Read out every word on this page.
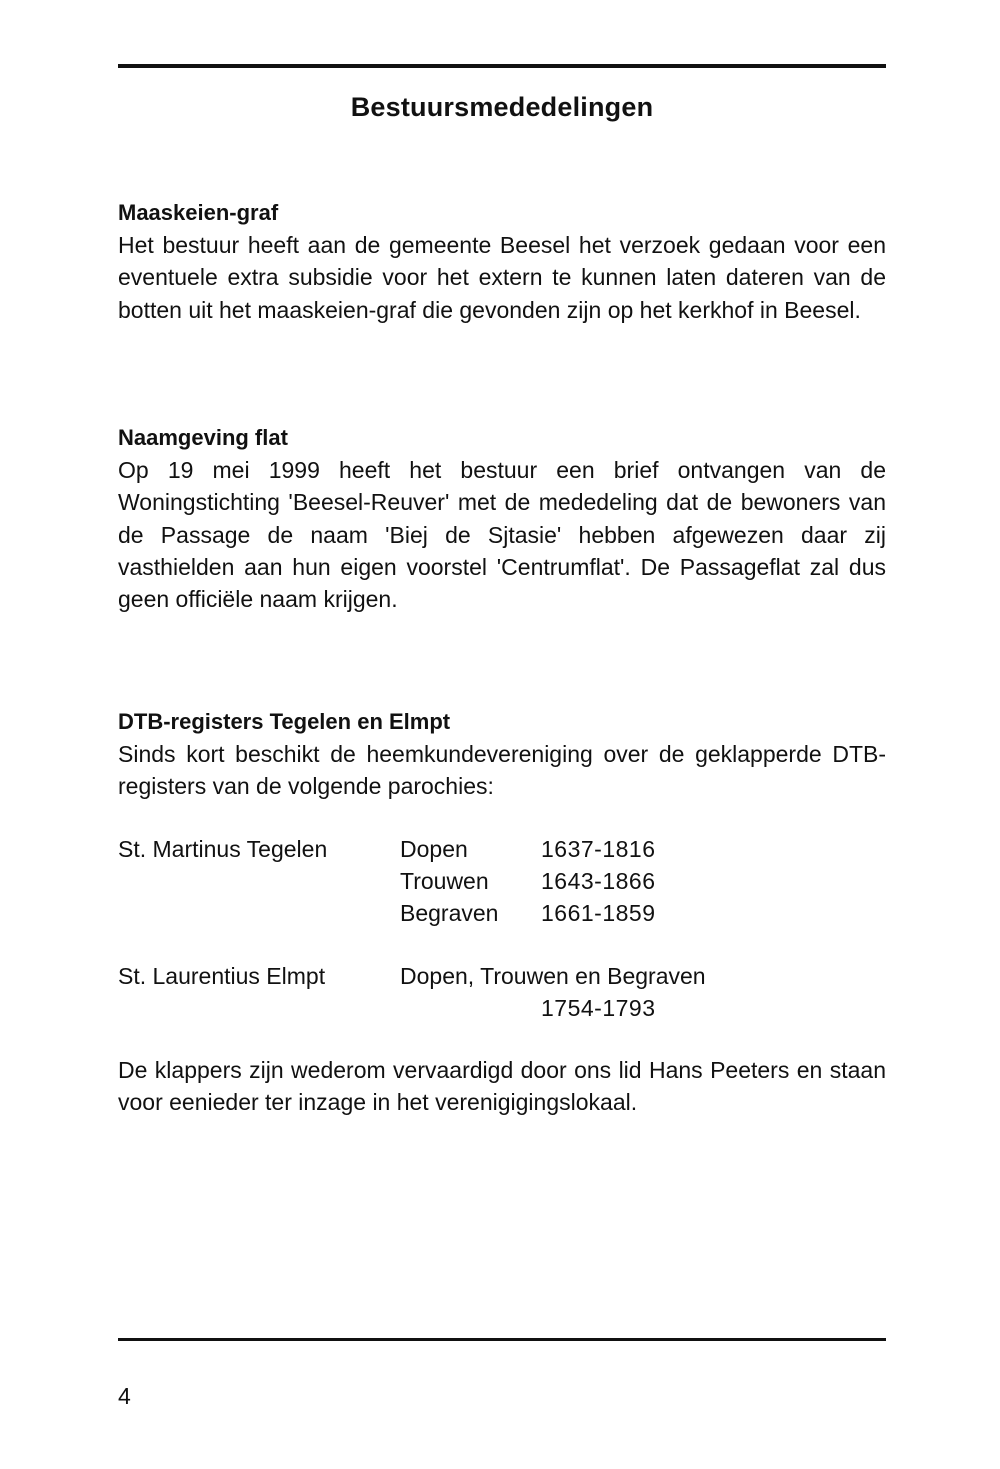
Bestuursmededelingen
Maaskeien-graf

Het bestuur heeft aan de gemeente Beesel het verzoek gedaan voor een eventuele extra subsidie voor het extern te kunnen laten dateren van de botten uit het maaskeien-graf die gevonden zijn op het kerkhof in Beesel.

Naamgeving flat

Op 19 mei 1999 heeft het bestuur een brief ontvangen van de Woningstichting 'Beesel-Reuver' met de mededeling dat de bewoners van de Passage de naam 'Biej de Sjtasie' hebben afgewezen daar zij vasthielden aan hun eigen voorstel 'Centrumflat'. De Passageflat zal dus geen officiële naam krijgen.

DTB-registers Tegelen en Elmpt

Sinds kort beschikt de heemkundevereniging over de geklapperde DTB-registers van de volgende parochies:

St. Martinus Tegelen	Dopen	1637-1816
Trouwen 1643-1866
Begraven 1661-1859
St. Laurentius Elmpt	Dopen, Trouwen en Begraven
1754-1793

De klappers zijn wederom vervaardigd door ons lid Hans Peeters en staan voor eenieder ter inzage in het verenigigingslokaal.

4
